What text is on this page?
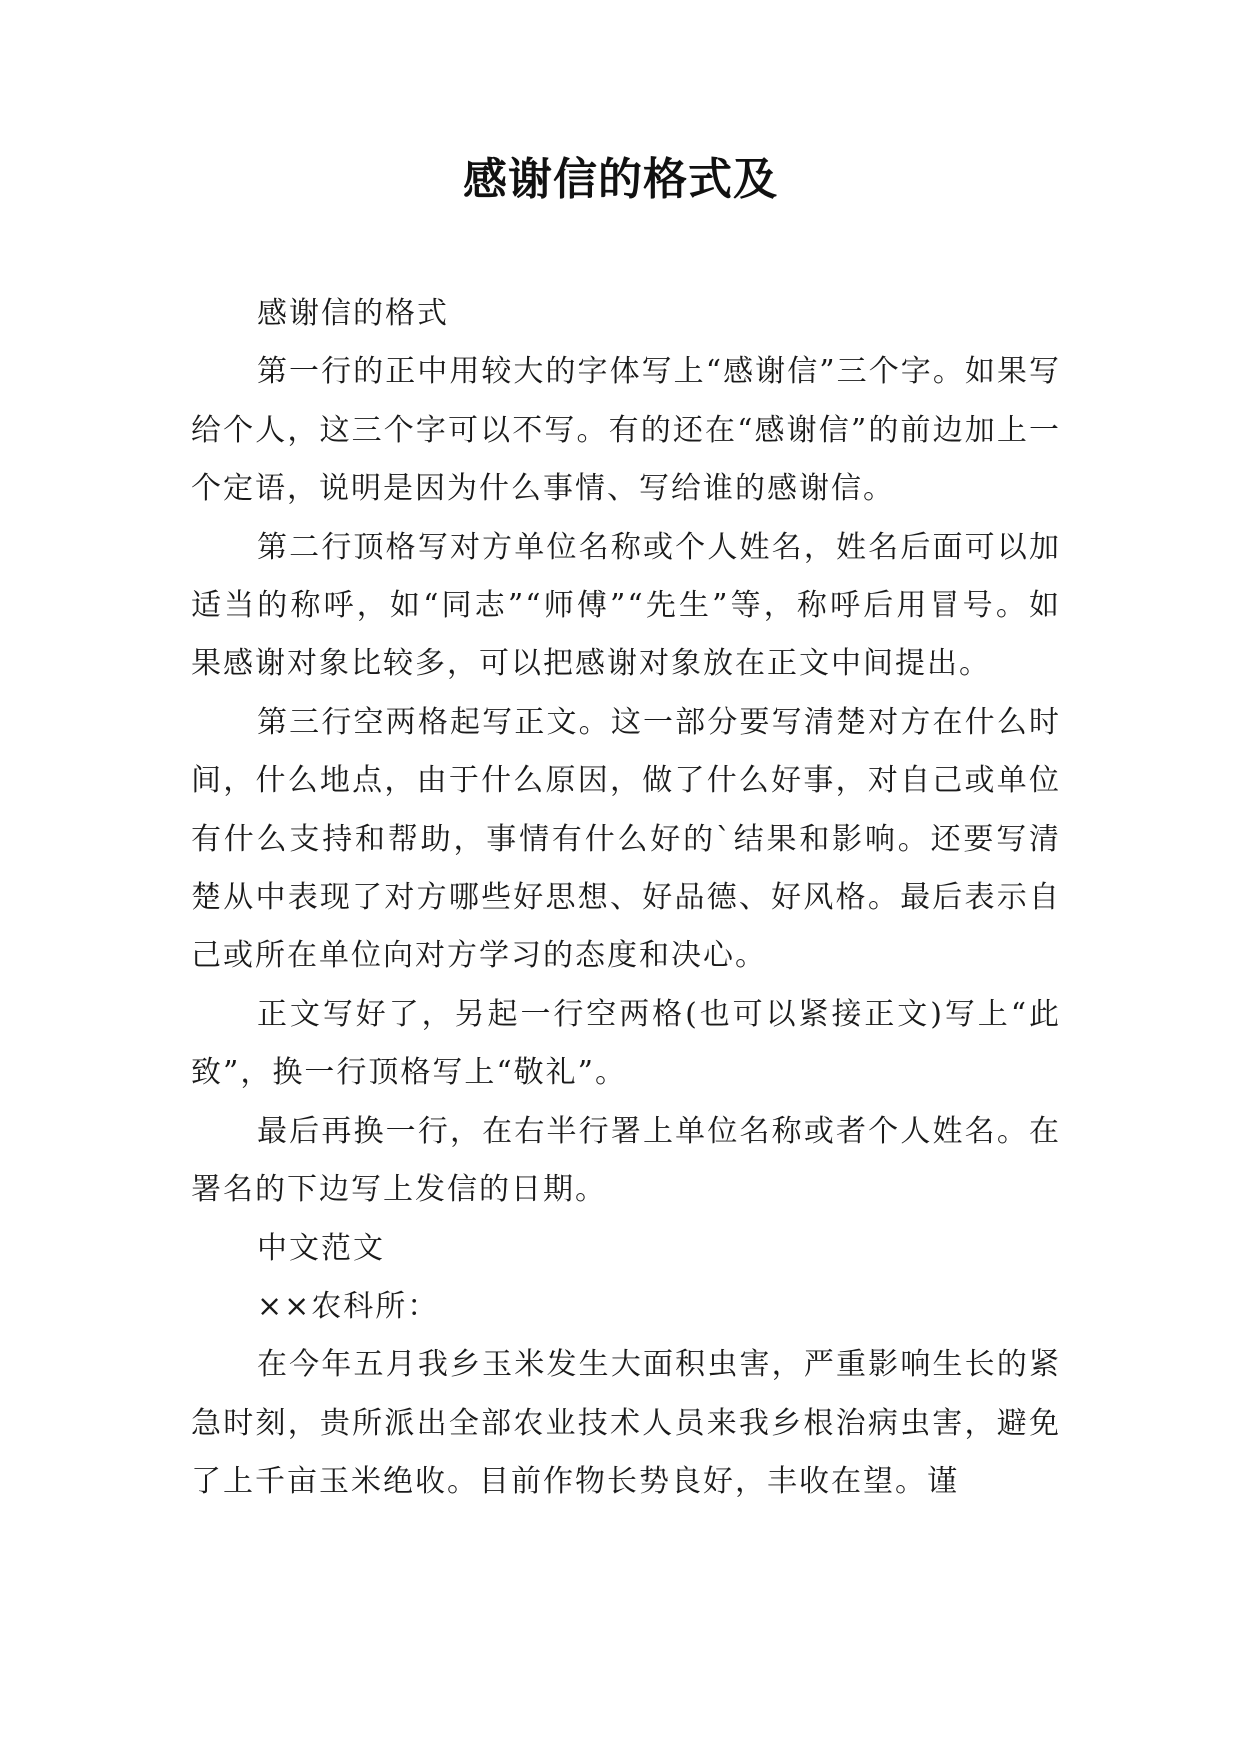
感谢信的格式及

感谢信的格式

第一行的正中用较大的字体写上“感谢信”三个字。如果写给个人，这三个字可以不写。有的还在“感谢信”的前边加上一个定语，说明是因为什么事情、写给谁的感谢信。

第二行顶格写对方单位名称或个人姓名，姓名后面可以加适当的称呼，如“同志”“师傅”“先生”等，称呼后用冒号。如果感谢对象比较多，可以把感谢对象放在正文中间提出。

第三行空两格起写正文。这一部分要写清楚对方在什么时间，什么地点，由于什么原因，做了什么好事，对自己或单位有什么支持和帮助，事情有什么好的`结果和影响。还要写清楚从中表现了对方哪些好思想、好品德、好风格。最后表示自己或所在单位向对方学习的态度和决心。

正文写好了，另起一行空两格(也可以紧接正文)写上“此致”，换一行顶格写上“敬礼”。

最后再换一行，在右半行署上单位名称或者个人姓名。在署名的下边写上发信的日期。

中文范文

××农科所：

在今年五月我乡玉米发生大面积虫害，严重影响生长的紧急时刻，贵所派出全部农业技术人员来我乡根治病虫害，避免了上千亩玉米绝收。目前作物长势良好，丰收在望。谨
